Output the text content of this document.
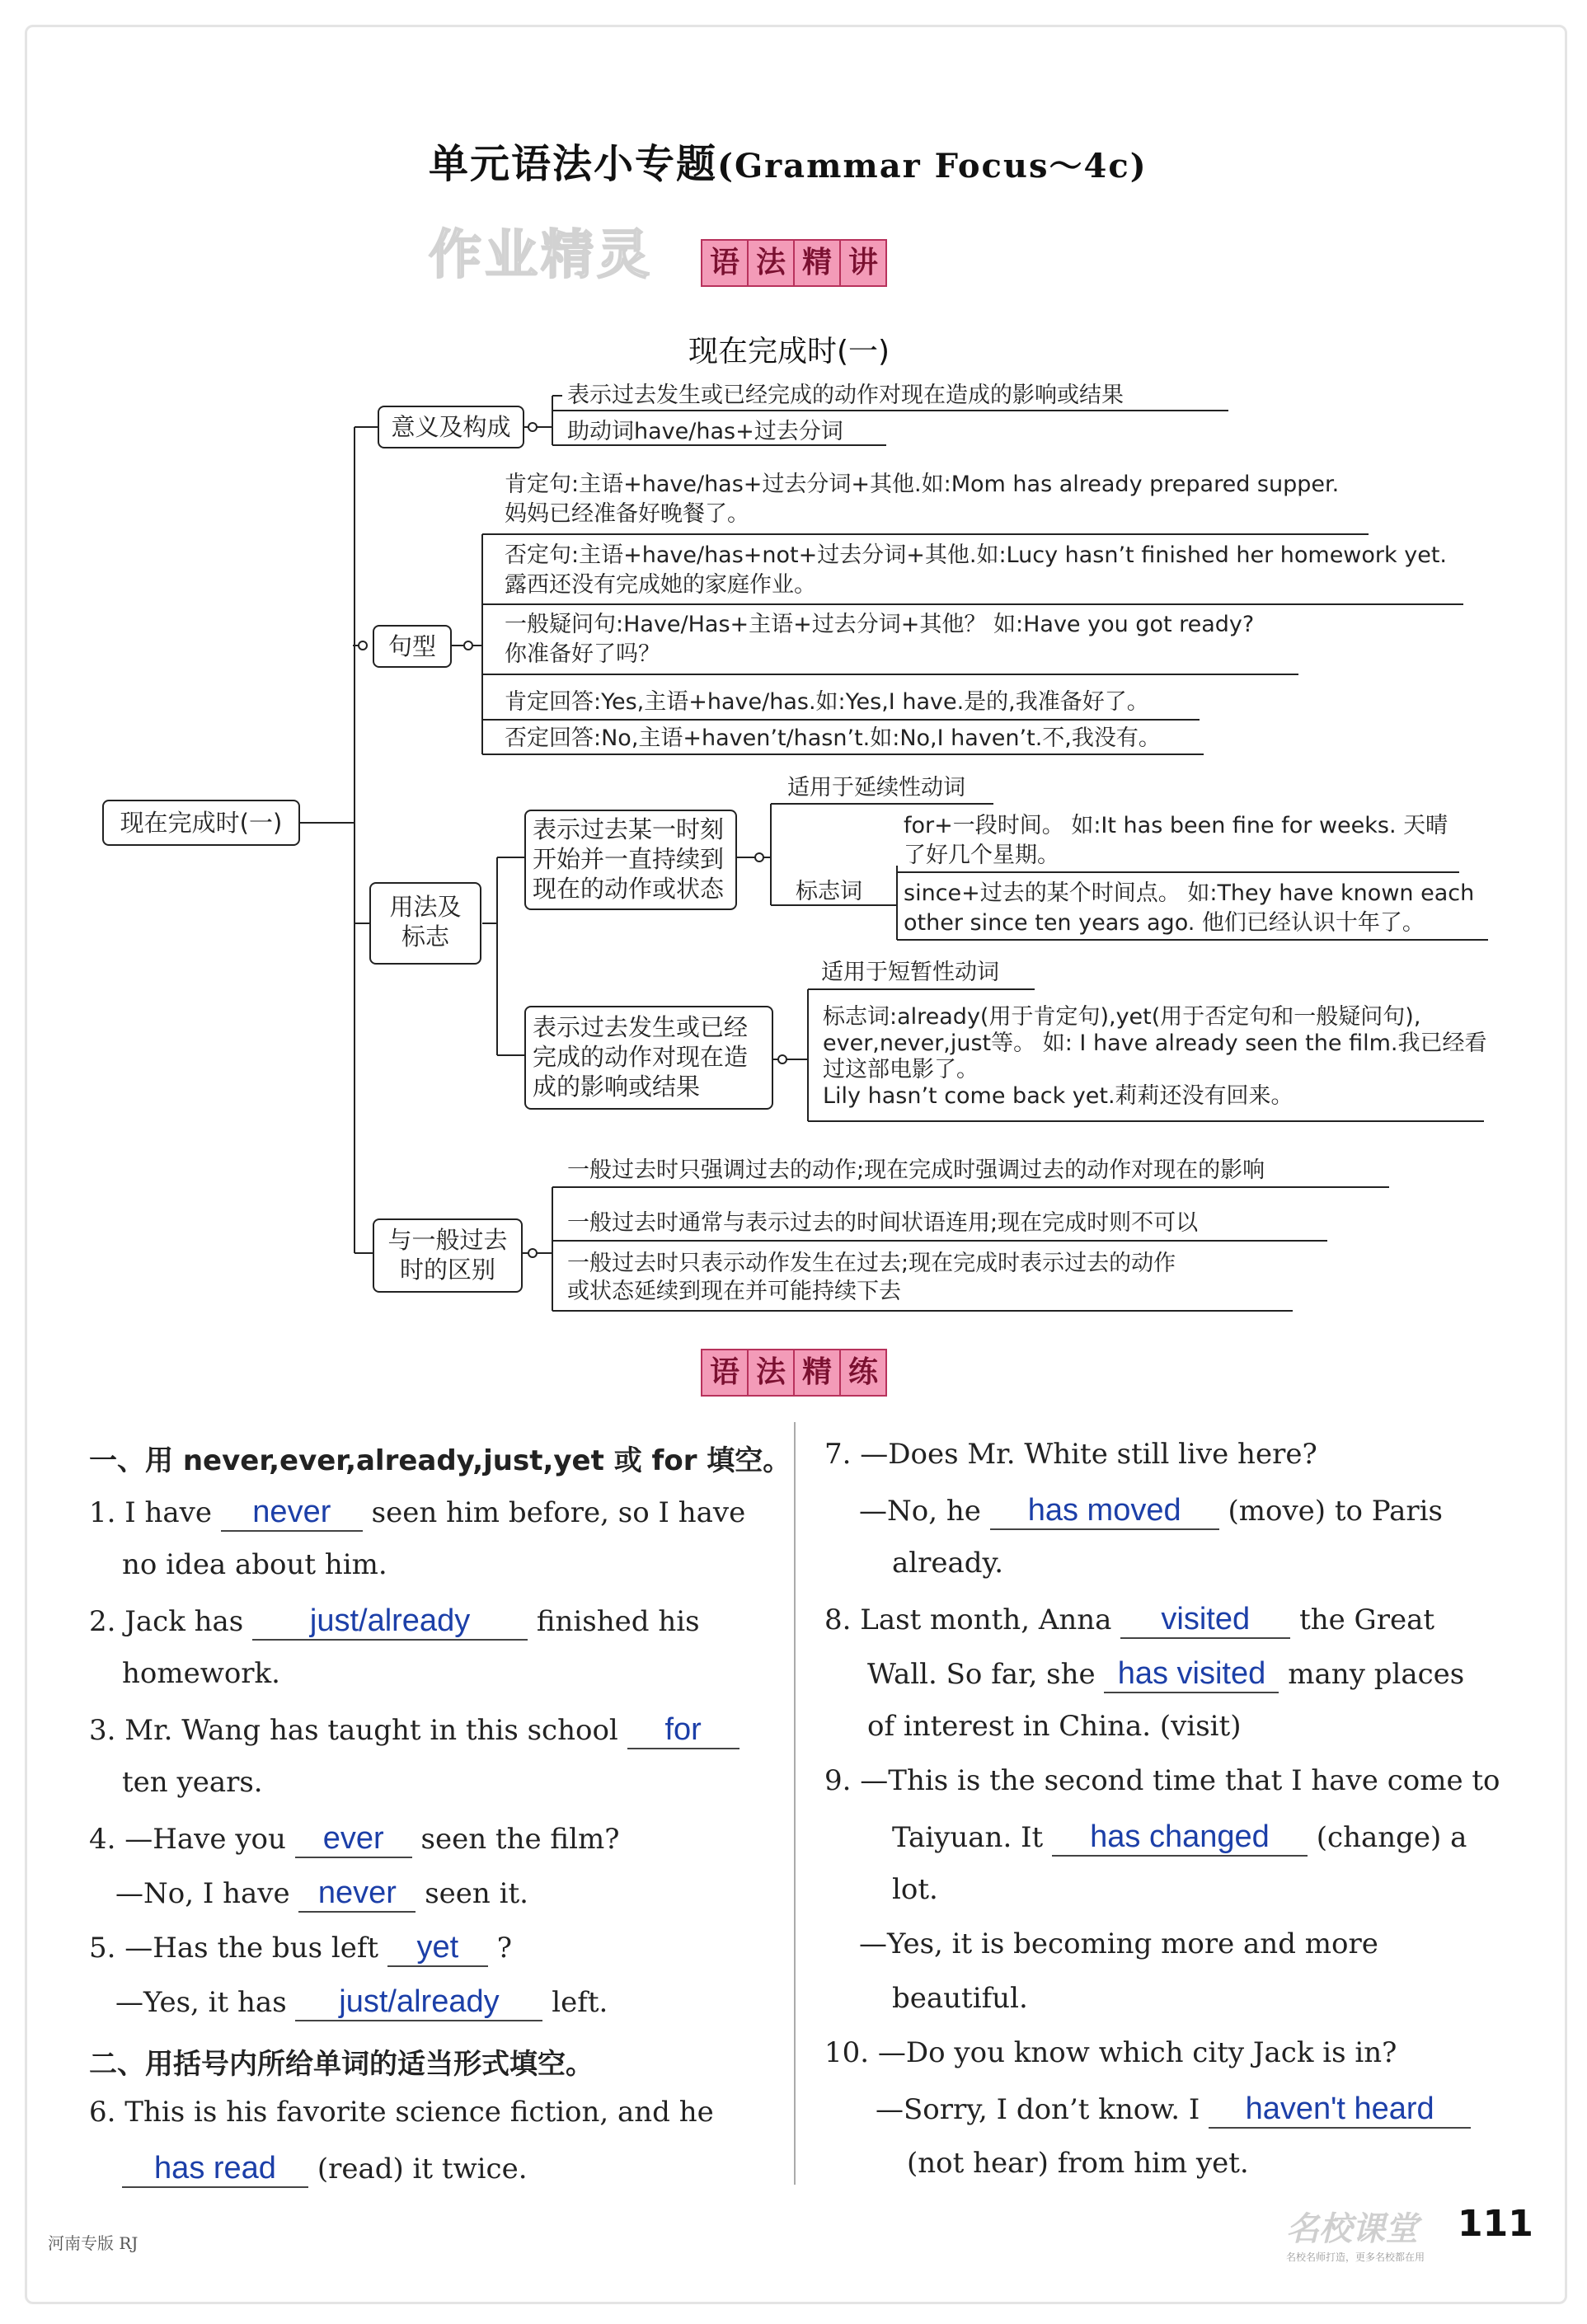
单元语法小专题(Grammar Focus～4c)
作业精灵	语 法 精 讲
现在完成时(一)
现在完成时(一)
意义及构成
句型
用法及
标志
与一般过去
时的区别
表示过去某一时刻
开始并一直持续到
现在的动作或状态
表示过去发生或已经
完成的动作对现在造
成的影响或结果
表示过去发生或已经完成的动作对现在造成的影响或结果
助动词have/has+过去分词
肯定句:主语+have/has+过去分词+其他.如:Mom has already prepared supper.
妈妈已经准备好晚餐了。
否定句:主语+have/has+not+过去分词+其他.如:Lucy hasn’t finished her homework yet.
露西还没有完成她的家庭作业。
一般疑问句:Have/Has+主语+过去分词+其他？ 如:Have you got ready?
你准备好了吗？
肯定回答:Yes,主语+have/has.如:Yes,I have.是的,我准备好了。
否定回答:No,主语+haven’t/hasn’t.如:No,I haven’t.不,我没有。
适用于延续性动词
标志词
for+一段时间。 如:It has been fine for weeks. 天晴
了好几个星期。
since+过去的某个时间点。 如:They have known each
other since ten years ago. 他们已经认识十年了。
适用于短暂性动词
标志词:already(用于肯定句),yet(用于否定句和一般疑问句),
ever,never,just等。 如: I have already seen the film.我已经看
过这部电影了。
Lily hasn’t come back yet.莉莉还没有回来。
一般过去时只强调过去的动作;现在完成时强调过去的动作对现在的影响
一般过去时通常与表示过去的时间状语连用;现在完成时则不可以
一般过去时只表示动作发生在过去;现在完成时表示过去的动作
或状态延续到现在并可能持续下去
语 法 精 练
一、用 never,ever,already,just,yet 或 for 填空。
1. I have never seen him before, so I have
no idea about him.
2. Jack has just/already finished his
homework.
3. Mr. Wang has taught in this school for
ten years.
4. —Have you ever seen the film?
—No, I have never seen it.
5. —Has the bus left yet ?
—Yes, it has just/already left.
二、用括号内所给单词的适当形式填空。
6. This is his favorite science fiction, and he
has read (read) it twice.
7. —Does Mr. White still live here?
—No, he has moved (move) to Paris
already.
8. Last month, Anna visited the Great
Wall. So far, she has visited many places
of interest in China. (visit)
9. —This is the second time that I have come to
Taiyuan. It has changed (change) a
lot.
—Yes, it is becoming more and more
beautiful.
10. —Do you know which city Jack is in?
—Sorry, I don’t know. I haven't heard
(not hear) from him yet.
河南专版 RJ	名校课堂
名校名师打造，更多名校都在用
111
